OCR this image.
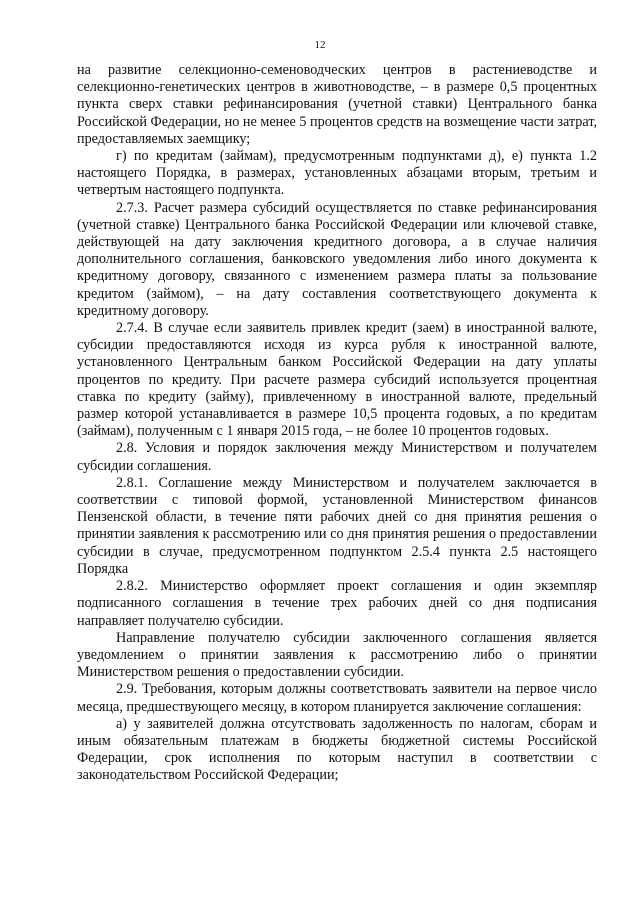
12

на развитие селекционно-семеноводческих центров в растениеводстве и селекционно-генетических центров в животноводстве, – в размере 0,5 процентных пункта сверх ставки рефинансирования (учетной ставки) Центрального банка Российской Федерации, но не менее 5 процентов средств на возмещение части затрат, предоставляемых заемщику;

г) по кредитам (займам), предусмотренным подпунктами д), е) пункта 1.2 настоящего Порядка, в размерах, установленных абзацами вторым, третьим и четвертым настоящего подпункта.

2.7.3. Расчет размера субсидий осуществляется по ставке рефинансирования (учетной ставке) Центрального банка Российской Федерации или ключевой ставке, действующей на дату заключения кредитного договора, а в случае наличия дополнительного соглашения, банковского уведомления либо иного документа к кредитному договору, связанного с изменением размера платы за пользование кредитом (займом), – на дату составления соответствующего документа к кредитному договору.

2.7.4. В случае если заявитель привлек кредит (заем) в иностранной валюте, субсидии предоставляются исходя из курса рубля к иностранной валюте, установленного Центральным банком Российской Федерации на дату уплаты процентов по кредиту. При расчете размера субсидий используется процентная ставка по кредиту (займу), привлеченному в иностранной валюте, предельный размер которой устанавливается в размере 10,5 процента годовых, а по кредитам (займам), полученным с 1 января 2015 года, – не более 10 процентов годовых.

2.8. Условия и порядок заключения между Министерством и получателем субсидии соглашения.

2.8.1. Соглашение между Министерством и получателем заключается в соответствии с типовой формой, установленной Министерством финансов Пензенской области, в течение пяти рабочих дней со дня принятия решения о принятии заявления к рассмотрению или со дня принятия решения о предоставлении субсидии в случае, предусмотренном подпунктом 2.5.4 пункта 2.5 настоящего Порядка

2.8.2. Министерство оформляет проект соглашения и один экземпляр подписанного соглашения в течение трех рабочих дней со дня подписания направляет получателю субсидии.

Направление получателю субсидии заключенного соглашения является уведомлением о принятии заявления к рассмотрению либо о принятии Министерством решения о предоставлении субсидии.

2.9. Требования, которым должны соответствовать заявители на первое число месяца, предшествующего месяцу, в котором планируется заключение соглашения:

а) у заявителей должна отсутствовать задолженность по налогам, сборам и иным обязательным платежам в бюджеты бюджетной системы Российской Федерации, срок исполнения по которым наступил в соответствии с законодательством Российской Федерации;
